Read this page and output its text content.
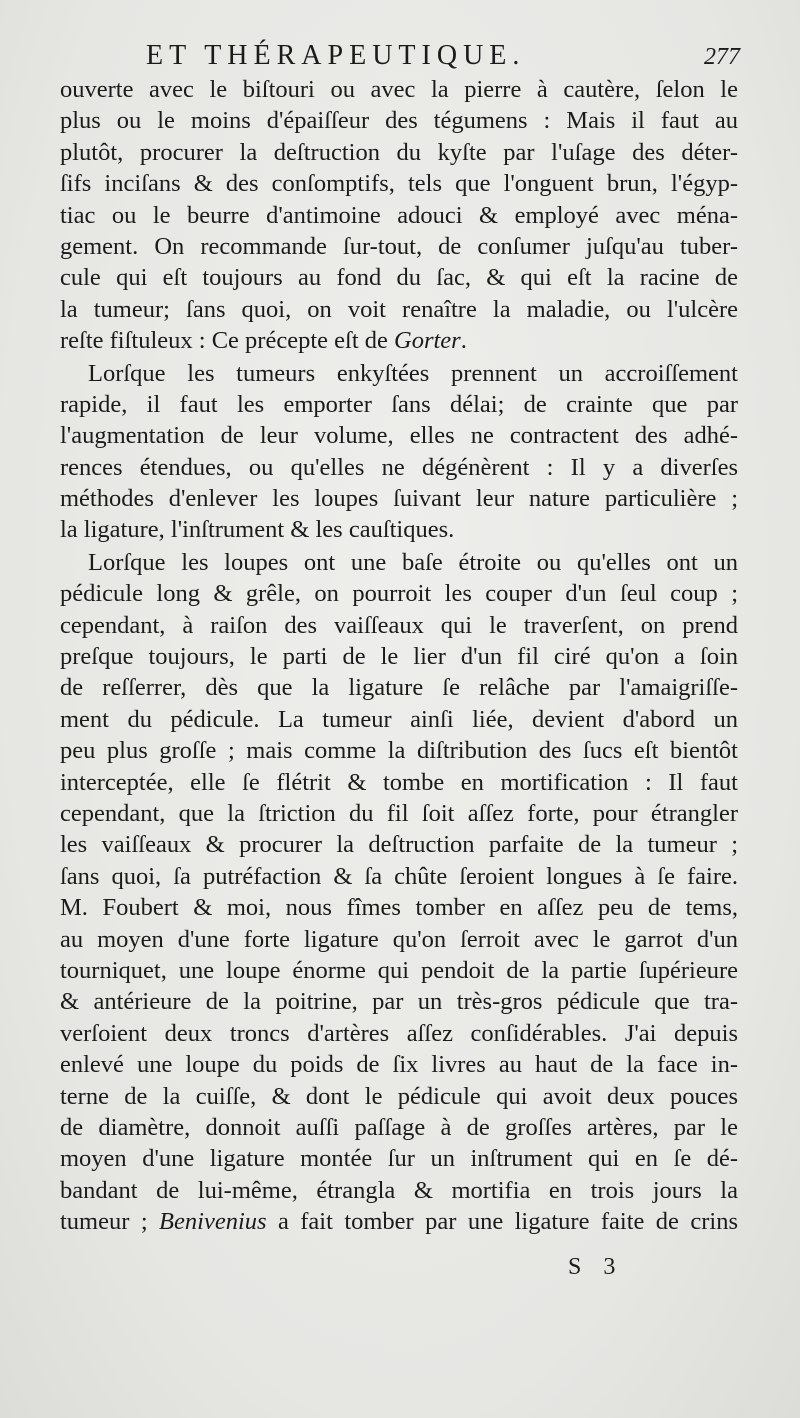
ET THÉRAPEUTIQUE.	277
ouverte avec le biſtouri ou avec la pierre à cautère, ſelon le
plus ou le moins d'épaiſſeur des tégumens : Mais il faut au
plutôt, procurer la deſtruction du kyſte par l'uſage des déter-
ſifs inciſans & des conſomptifs, tels que l'onguent brun, l'égyp-
tiac ou le beurre d'antimoine adouci & employé avec ména-
gement. On recommande ſur-tout, de conſumer juſqu'au tuber-
cule qui eſt toujours au fond du ſac, & qui eſt la racine de
la tumeur; ſans quoi, on voit renaître la maladie, ou l'ulcère
reſte fiſtuleux : Ce précepte eſt de Gorter.
Lorſque les tumeurs enkyſtées prennent un accroiſſement
rapide, il faut les emporter ſans délai; de crainte que par
l'augmentation de leur volume, elles ne contractent des adhé-
rences étendues, ou qu'elles ne dégénèrent : Il y a diverſes
méthodes d'enlever les loupes ſuivant leur nature particulière ;
la ligature, l'inſtrument & les cauſtiques.
Lorſque les loupes ont une baſe étroite ou qu'elles ont un
pédicule long & grêle, on pourroit les couper d'un ſeul coup ;
cependant, à raiſon des vaiſſeaux qui le traverſent, on prend
preſque toujours, le parti de le lier d'un fil ciré qu'on a ſoin
de reſſerrer, dès que la ligature ſe relâche par l'amaigriſſe-
ment du pédicule. La tumeur ainſi liée, devient d'abord un
peu plus groſſe ; mais comme la diſtribution des ſucs eſt bientôt
interceptée, elle ſe flétrit & tombe en mortification : Il faut
cependant, que la ſtriction du fil ſoit aſſez forte, pour étrangler
les vaiſſeaux & procurer la deſtruction parfaite de la tumeur ;
ſans quoi, ſa putréfaction & ſa chûte ſeroient longues à ſe faire.
M. Foubert & moi, nous fîmes tomber en aſſez peu de tems,
au moyen d'une forte ligature qu'on ſerroit avec le garrot d'un
tourniquet, une loupe énorme qui pendoit de la partie ſupérieure
& antérieure de la poitrine, par un très-gros pédicule que tra-
verſoient deux troncs d'artères aſſez conſidérables. J'ai depuis
enlevé une loupe du poids de ſix livres au haut de la face in-
terne de la cuiſſe, & dont le pédicule qui avoit deux pouces
de diamètre, donnoit auſſi paſſage à de groſſes artères, par le
moyen d'une ligature montée ſur un inſtrument qui en ſe dé-
bandant de lui-même, étrangla & mortifia en trois jours la
tumeur ; Benivenius a fait tomber par une ligature faite de crins
S 3
